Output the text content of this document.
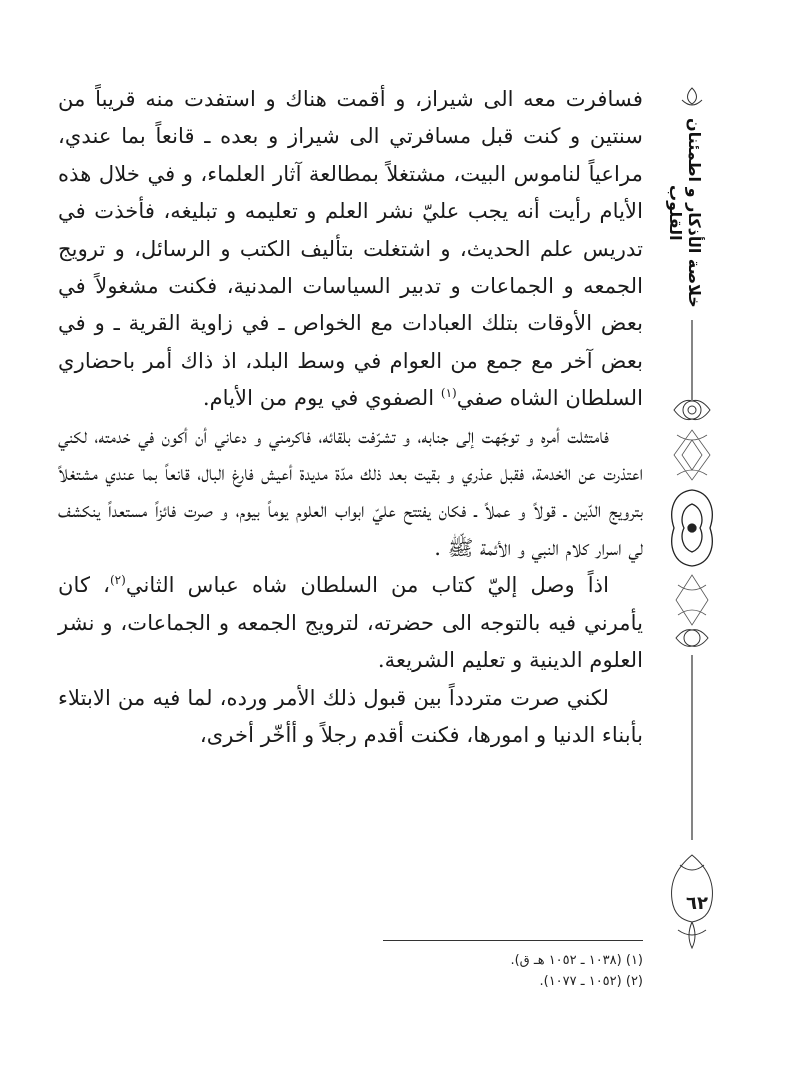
فسافرت معه الى شيراز، و أقمت هناك و استفدت منه قريباً من سنتين و كنت قبل مسافرتي الى شيراز و بعده ـ قانعاً بما عندي، مراعياً لناموس البيت، مشتغلاً بمطالعة آثار العلماء، و في خلال هذه الأيام رأيت أنه يجب عليّ نشر العلم و تعليمه و تبليغه، فأخذت في تدريس علم الحديث، و اشتغلت بتأليف الكتب و الرسائل، و ترويج الجمعه و الجماعات و تدبير السياسات المدنية، فكنت مشغولاً في بعض الأوقات بتلك العبادات مع الخواص ـ في زاوية القرية ـ و في بعض آخر مع جمع من العوام في وسط البلد، اذ ذاك أمر باحضاري السلطان الشاه صفي$^{(١)}$ الصفوي في يوم من الأيام.

فامتثلت أمره و توجّهت إلى جنابه، و تشرّفت بلقائه، فاكرمني و دعاني أن أكون في خدمته، لكني اعتذرت عن الخدمة، فقبل عذري و بقيت بعد ذلك مدّة مديدة أعيش فارغ البال، قانعاً بما عندي مشتغلاً بترويج الدّين ـ قولاً و عملاً ـ فكان يفتتح عليّ ابواب العلوم يوماً بيوم، و صرت فائزاً مستعداً ينكشف لي اسرار كلام النبي و الأئمة ﷺ .

اذاً وصل إليّ كتاب من السلطان شاه عباس الثاني$^{(٢)}$، كان يأمرني فيه بالتوجه الى حضرته، لترويج الجمعه و الجماعات، و نشر العلوم الدينية و تعليم الشريعة.

لكني صرت متردداً بين قبول ذلك الأمر ورده، لما فيه من الابتلاء بأبناء الدنيا و امورها، فكنت أقدم رجلاً و أأخّر أخرى،

خلاصة الأذكار و اطمئنان القلوب
٦٢
(١) (١٠٣٨ ـ ١٠٥٢ هـ ق).
(٢) (١٠٥٢ ـ ١٠٧٧).
